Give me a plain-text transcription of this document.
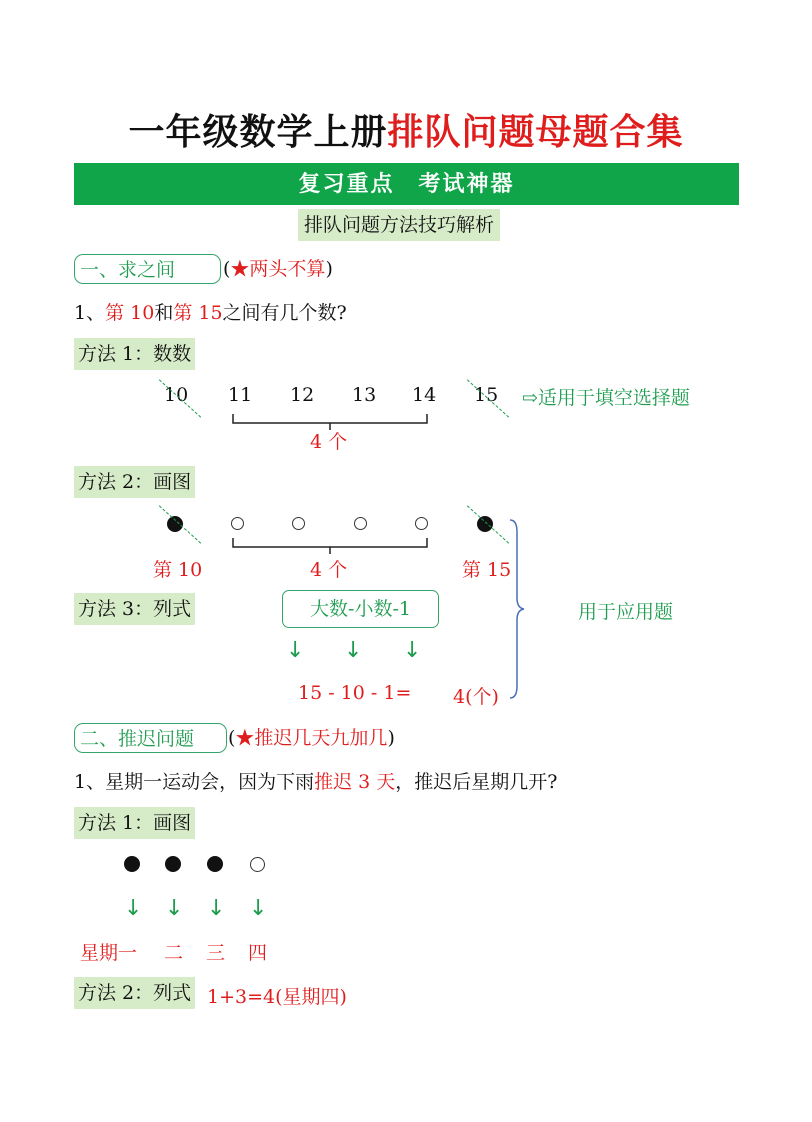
一年级数学上册排队问题母题合集
复习重点　考试神器
排队问题方法技巧解析
一、求之间	(★两头不算)
1、第 10和第 15之间有几个数?
方法 1：数数
10 11 12 13 14 15 ⇨适用于填空选择题
4 个
方法 2：画图
第 10	4 个	第 15
方法 3：列式	大数-小数-1
↓ ↓ ↓
15 - 10 - 1= 4(个)
用于应用题
二、推迟问题	(★推迟几天九加几)
1、星期一运动会，因为下雨推迟 3 天，推迟后星期几开?
方法 1：画图
↓ ↓ ↓ ↓
星期一 二 三 四
方法 2：列式 1+3=4(星期四)
